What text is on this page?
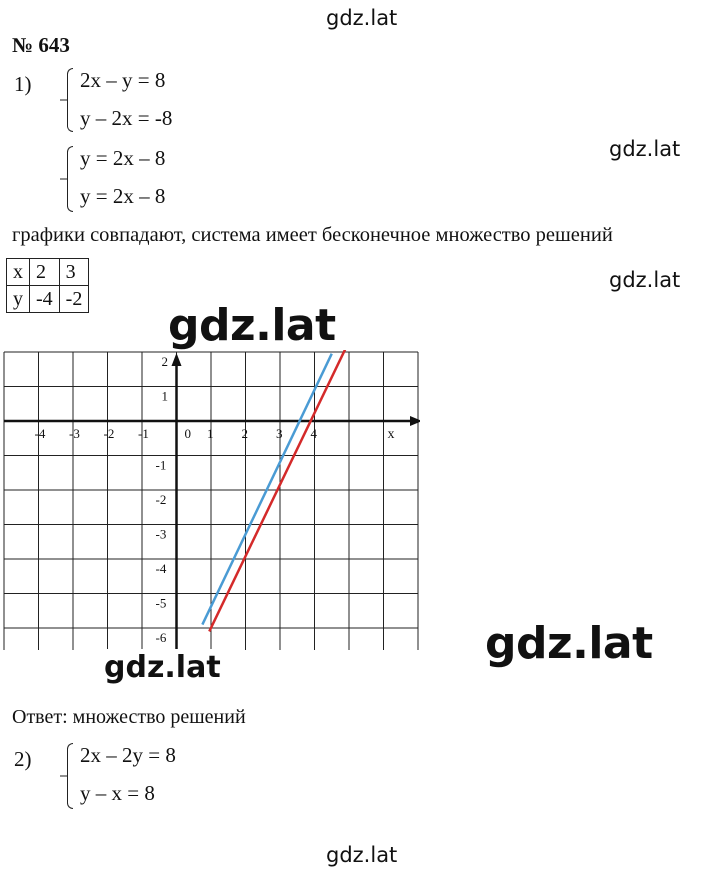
gdz.lat
gdz.lat
gdz.lat
gdz.lat
gdz.lat
gdz.lat
№ 643
1) 2x – y = 8
y – 2x = -8
y = 2x – 8
y = 2x – 8
графики совпадают, система имеет бесконечное множество решений
x	2	3
y	-4	-2
-4 -3 -2 -1	0 1 2 3 4	x
2
1
-1
-2
-3
-4
-5
-6
gdz.lat
Ответ: множество решений
2) 2x – 2y = 8
y – x = 8
